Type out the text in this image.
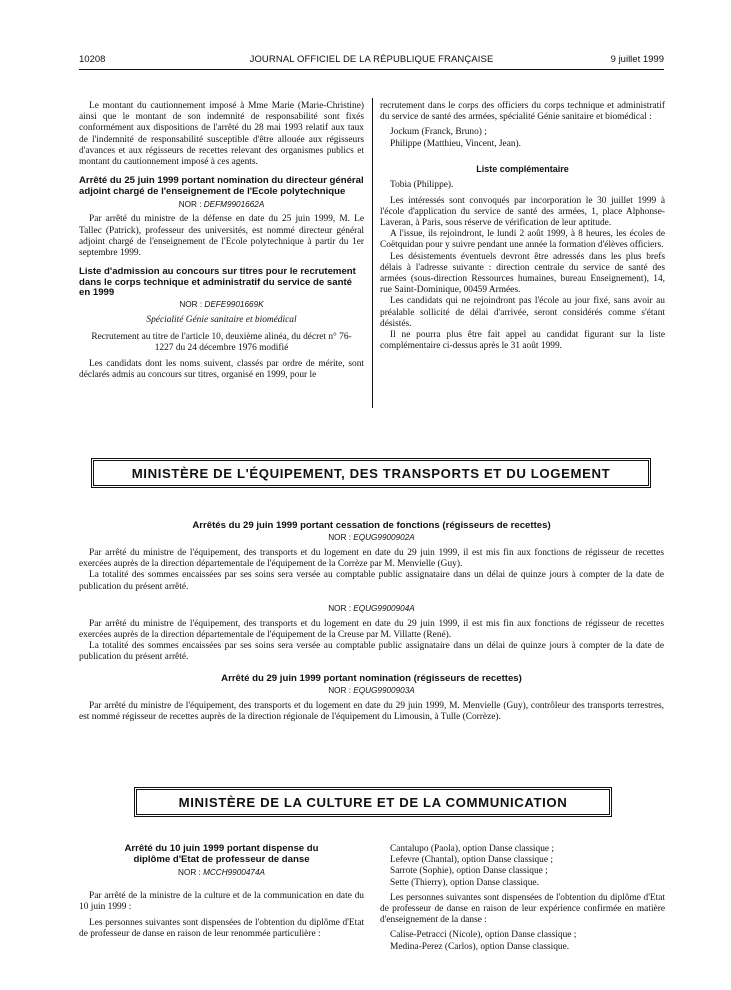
10208	JOURNAL OFFICIEL DE LA RÉPUBLIQUE FRANÇAISE	9 juillet 1999

Le montant du cautionnement imposé à Mme Marie (Marie-Christine) ainsi que le montant de son indemnité de responsabilité sont fixés conformément aux dispositions de l'arrêté du 28 mai 1993 relatif aux taux de l'indemnité de responsabilité susceptible d'être allouée aux régisseurs d'avances et aux régisseurs de recettes relevant des organismes publics et montant du cautionnement imposé à ces agents.

Arrêté du 25 juin 1999 portant nomination du directeur général adjoint chargé de l'enseignement de l'Ecole polytechnique

NOR : DEFM9901662A

Par arrêté du ministre de la défense en date du 25 juin 1999, M. Le Tallec (Patrick), professeur des universités, est nommé directeur général adjoint chargé de l'enseignement de l'Ecole polytechnique à partir du 1er septembre 1999.

Liste d'admission au concours sur titres pour le recrutement dans le corps technique et administratif du service de santé en 1999

NOR : DEFE9901669K

Spécialité Génie sanitaire et biomédical

Recrutement au titre de l'article 10, deuxième alinéa, du décret n° 76-1227 du 24 décembre 1976 modifié

Les candidats dont les noms suivent, classés par ordre de mérite, sont déclarés admis au concours sur titres, organisé en 1999, pour le

recrutement dans le corps des officiers du corps technique et administratif du service de santé des armées, spécialité Génie sanitaire et biomédical :

Jockum (Franck, Bruno) ;

Philippe (Matthieu, Vincent, Jean).

Liste complémentaire

Tobia (Philippe).

Les intéressés sont convoqués par incorporation le 30 juillet 1999 à l'école d'application du service de santé des armées, 1, place Alphonse-Laveran, à Paris, sous réserve de vérification de leur aptitude.

A l'issue, ils rejoindront, le lundi 2 août 1999, à 8 heures, les écoles de Coëtquidan pour y suivre pendant une année la formation d'élèves officiers.

Les désistements éventuels devront être adressés dans les plus brefs délais à l'adresse suivante : direction centrale du service de santé des armées (sous-direction Ressources humaines, bureau Enseignement), 14, rue Saint-Dominique, 00459 Armées.

Les candidats qui ne rejoindront pas l'école au jour fixé, sans avoir au préalable sollicité de délai d'arrivée, seront considérés comme s'étant désistés.

Il ne pourra plus être fait appel au candidat figurant sur la liste complémentaire ci-dessus après le 31 août 1999.

MINISTÈRE DE L'ÉQUIPEMENT, DES TRANSPORTS ET DU LOGEMENT

Arrêtés du 29 juin 1999 portant cessation de fonctions (régisseurs de recettes)

NOR : EQUG9900902A

Par arrêté du ministre de l'équipement, des transports et du logement en date du 29 juin 1999, il est mis fin aux fonctions de régisseur de recettes exercées auprès de la direction départementale de l'équipement de la Corrèze par M. Menvielle (Guy).

La totalité des sommes encaissées par ses soins sera versée au comptable public assignataire dans un délai de quinze jours à compter de la date de publication du présent arrêté.

NOR : EQUG9900904A

Par arrêté du ministre de l'équipement, des transports et du logement en date du 29 juin 1999, il est mis fin aux fonctions de régisseur de recettes exercées auprès de la direction départementale de l'équipement de la Creuse par M. Villatte (René).

La totalité des sommes encaissées par ses soins sera versée au comptable public assignataire dans un délai de quinze jours à compter de la date de publication du présent arrêté.

Arrêté du 29 juin 1999 portant nomination (régisseurs de recettes)

NOR : EQUG9900903A

Par arrêté du ministre de l'équipement, des transports et du logement en date du 29 juin 1999, M. Menvielle (Guy), contrôleur des transports terrestres, est nommé régisseur de recettes auprès de la direction régionale de l'équipement du Limousin, à Tulle (Corrèze).

MINISTÈRE DE LA CULTURE ET DE LA COMMUNICATION

Arrêté du 10 juin 1999 portant dispense du diplôme d'Etat de professeur de danse

NOR : MCCH9900474A

Par arrêté de la ministre de la culture et de la communication en date du 10 juin 1999 :

Les personnes suivantes sont dispensées de l'obtention du diplôme d'Etat de professeur de danse en raison de leur renommée particulière :

Cantalupo (Paola), option Danse classique ;

Lefevre (Chantal), option Danse classique ;

Sarrote (Sophie), option Danse classique ;

Sette (Thierry), option Danse classique.

Les personnes suivantes sont dispensées de l'obtention du diplôme d'Etat de professeur de danse en raison de leur expérience confirmée en matière d'enseignement de la danse :

Calise-Petracci (Nicole), option Danse classique ;

Medina-Perez (Carlos), option Danse classique.
